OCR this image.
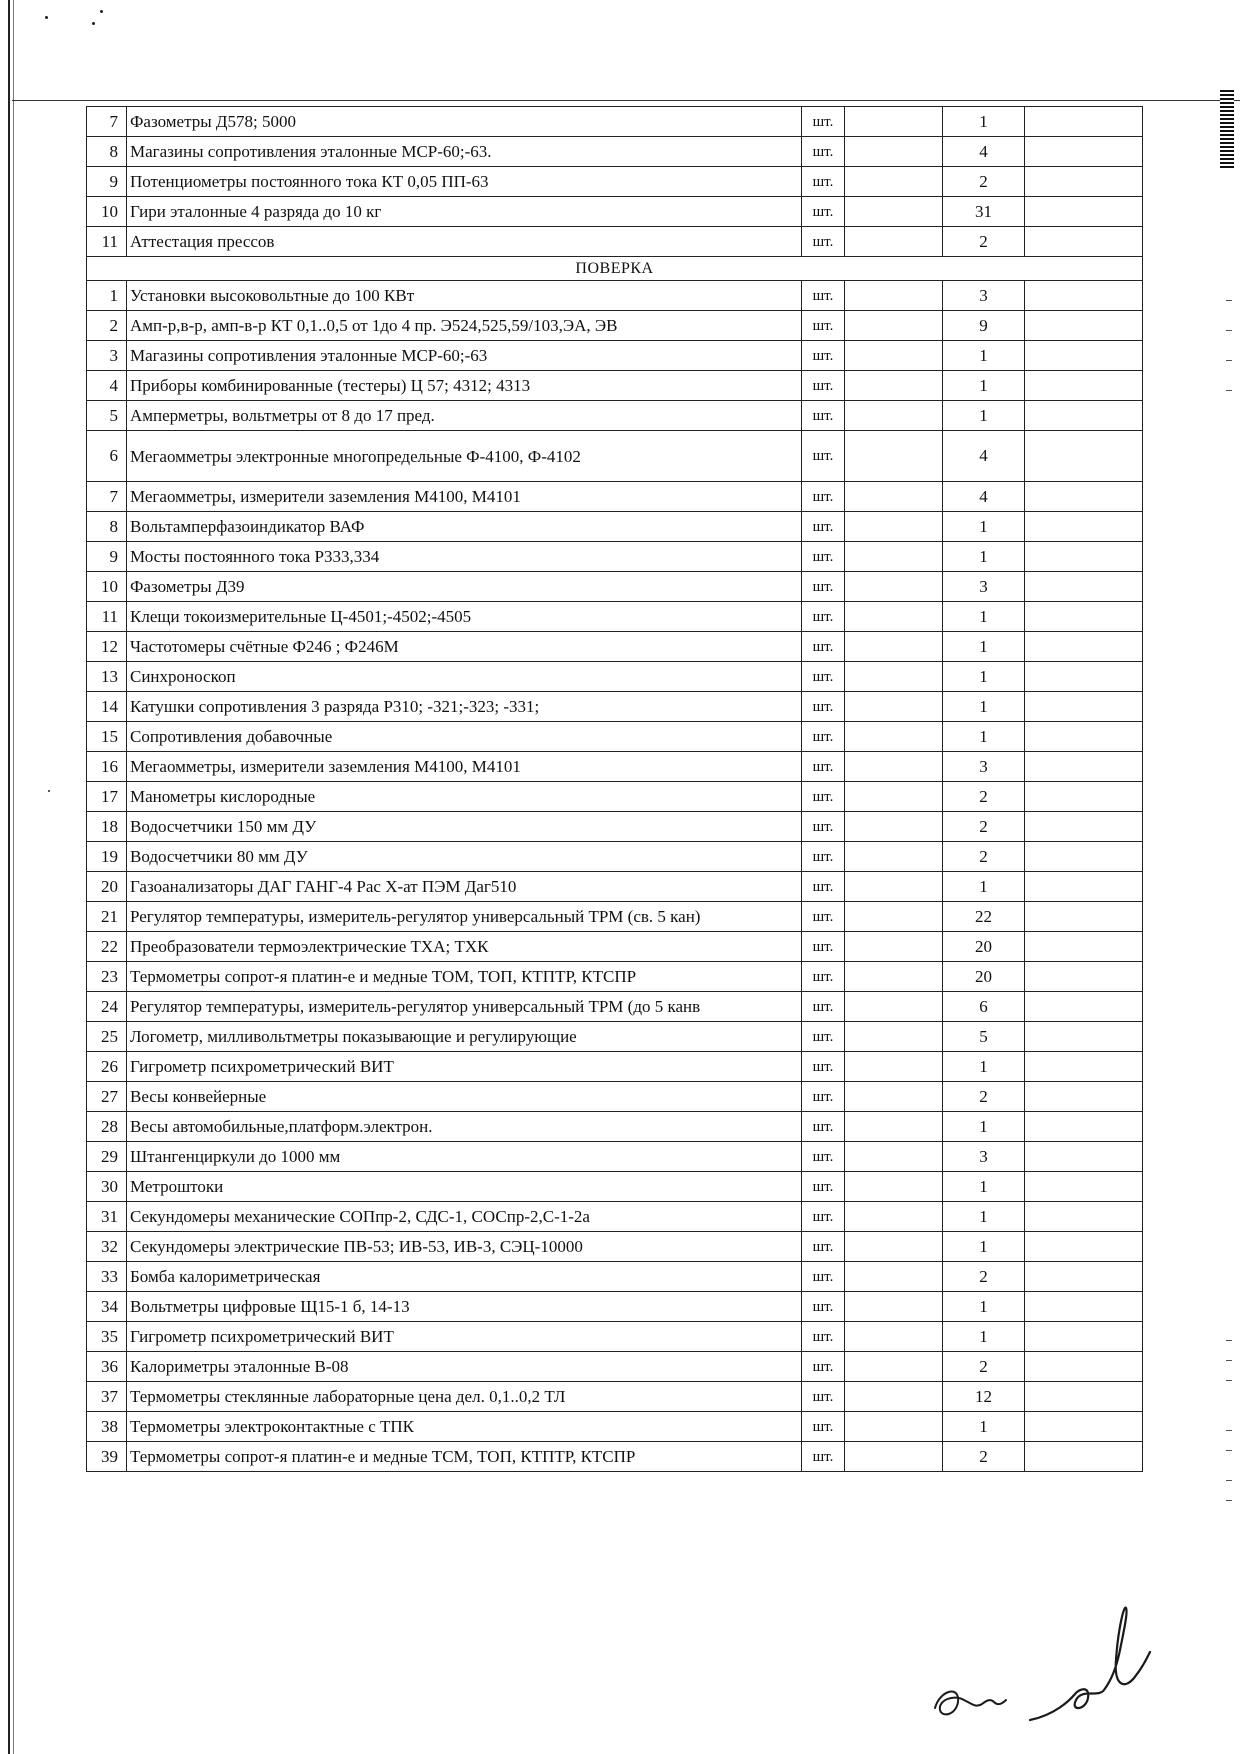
7	Фазометры Д578; 5000	шт.		1	
8	Магазины сопротивления эталонные МСР-60;-63.	шт.		4	
9	Потенциометры постоянного тока КТ 0,05 ПП-63	шт.		2	
10	Гири эталонные 4 разряда до 10 кг	шт.		31	
11	Аттестация прессов	шт.		2	
ПОВЕРКА					
1	Установки высоковольтные до 100 КВт	шт.		3	
2	Амп-р,в-р, амп-в-р КТ 0,1..0,5 от 1до 4 пр. Э524,525,59/103,ЭА, ЭВ	шт.		9	
3	Магазины сопротивления эталонные МСР-60;-63	шт.		1	
4	Приборы комбинированные (тестеры) Ц 57; 4312; 4313	шт.		1	
5	Амперметры, вольтметры от 8 до 17 пред.	шт.		1	
6	Мегаомметры электронные многопредельные Ф-4100, Ф-4102	шт.		4	
7	Мегаомметры, измерители заземления М4100, М4101	шт.		4	
8	Вольтамперфазоиндикатор ВАФ	шт.		1	
9	Мосты постоянного тока Р333,334	шт.		1	
10	Фазометры Д39	шт.		3	
11	Клещи токоизмерительные Ц-4501;-4502;-4505	шт.		1	
12	Частотомеры счётные Ф246 ; Ф246М	шт.		1	
13	Синхроноскоп	шт.		1	
14	Катушки сопротивления 3 разряда Р310; -321;-323; -331;	шт.		1	
15	Сопротивления добавочные	шт.		1	
16	Мегаомметры, измерители заземления М4100, М4101	шт.		3	
17	Манометры кислородные	шт.		2	
18	Водосчетчики 150 мм ДУ	шт.		2	
19	Водосчетчики 80 мм ДУ	шт.		2	
20	Газоанализаторы ДАГ ГАНГ-4 Рас Х-ат ПЭМ Даг510	шт.		1	
21	Регулятор температуры, измеритель-регулятор универсальный ТРМ (св. 5 кан)	шт.		22	
22	Преобразователи термоэлектрические ТХА; ТХК	шт.		20	
23	Термометры сопрот-я платин-е и медные ТОМ, ТОП, КТПТР, КТСПР	шт.		20	
24	Регулятор температуры, измеритель-регулятор универсальный ТРМ (до 5 канв	шт.		6	
25	Логометр, милливольтметры показывающие и регулирующие	шт.		5	
26	Гигрометр психрометрический ВИТ	шт.		1	
27	Весы конвейерные	шт.		2	
28	Весы автомобильные,платформ.электрон.	шт.		1	
29	Штангенциркули до 1000 мм	шт.		3	
30	Метроштоки	шт.		1	
31	Секундомеры механические СОПпр-2, СДС-1, СОСпр-2,С-1-2а	шт.		1	
32	Секундомеры электрические ПВ-53; ИВ-53, ИВ-3, СЭЦ-10000	шт.		1	
33	Бомба калориметрическая	шт.		2	
34	Вольтметры цифровые Щ15-1 б, 14-13	шт.		1	
35	Гигрометр психрометрический ВИТ	шт.		1	
36	Калориметры эталонные В-08	шт.		2	
37	Термометры стеклянные лабораторные цена дел. 0,1..0,2 ТЛ	шт.		12	
38	Термометры электроконтактные с ТПК	шт.		1	
39	Термометры сопрот-я платин-е и медные ТСМ, ТОП, КТПТР, КТСПР	шт.		2	
